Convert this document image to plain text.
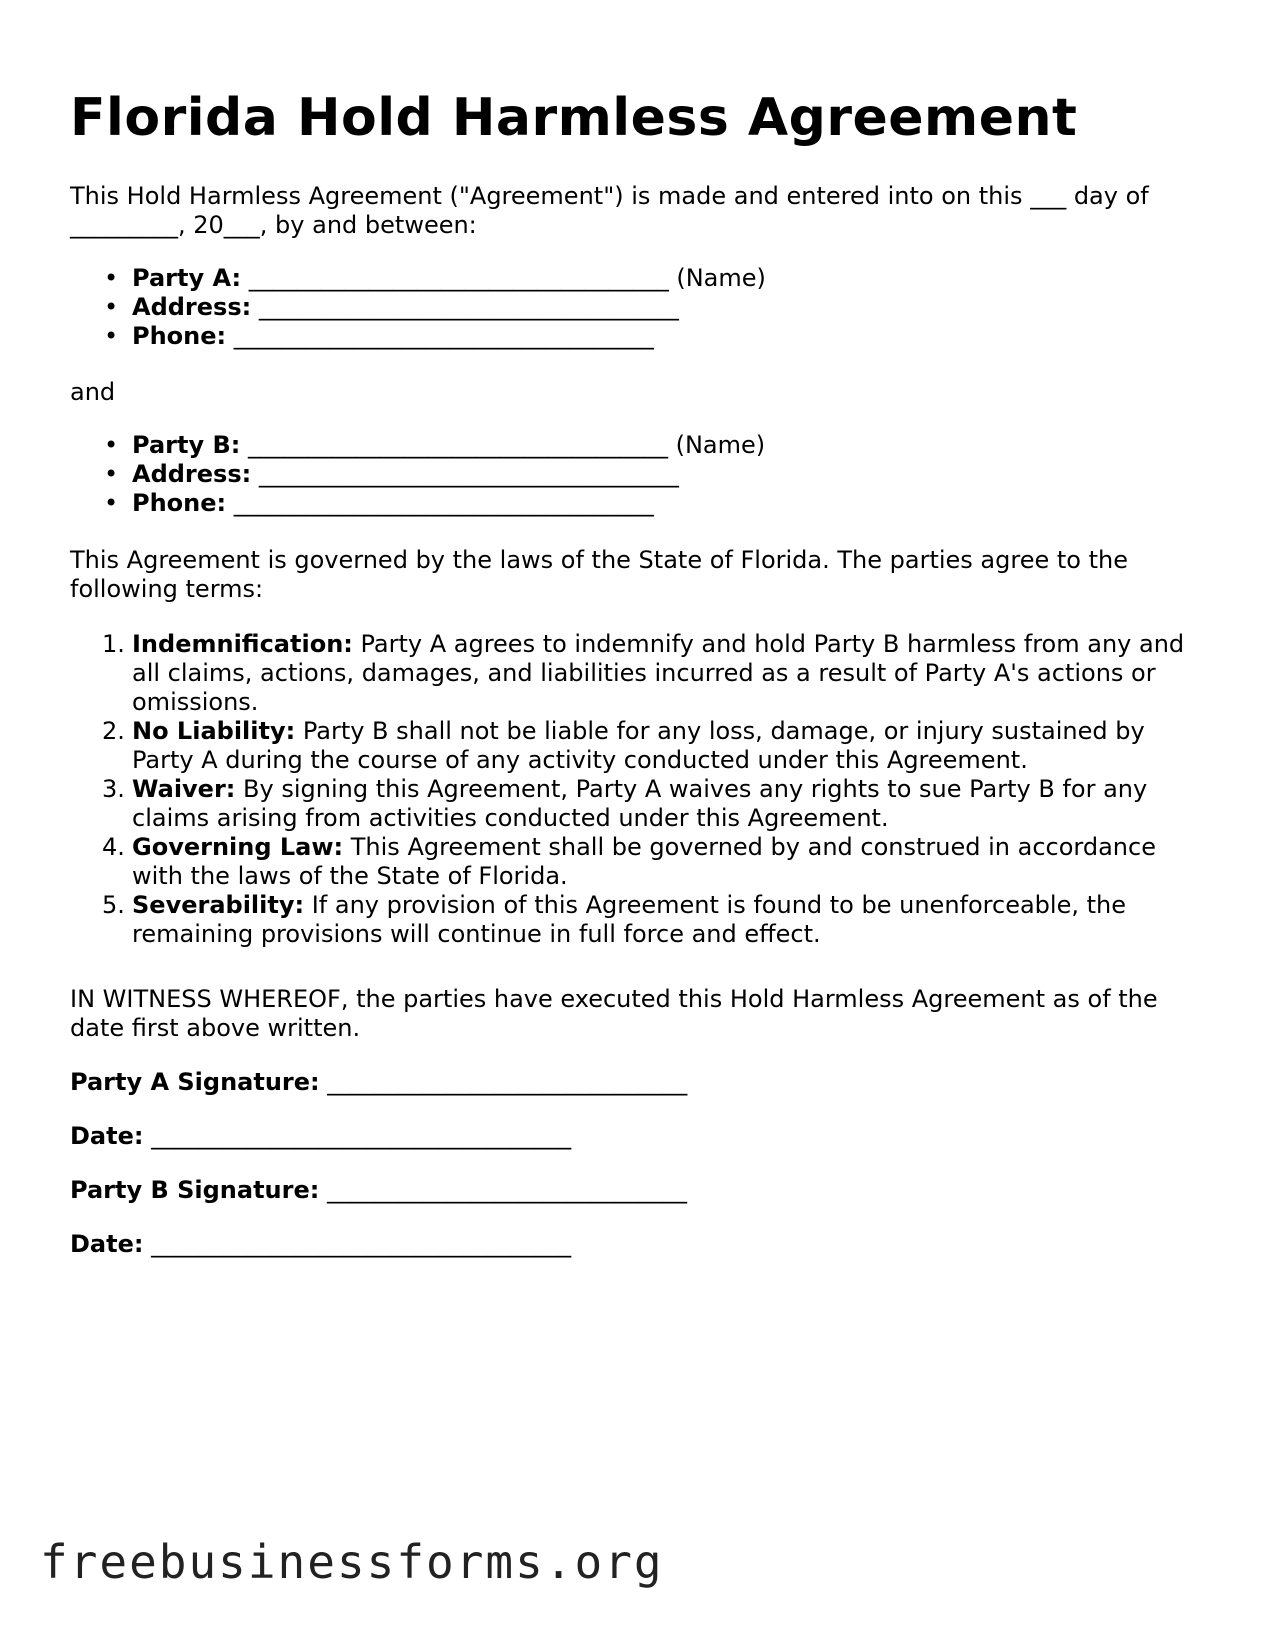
Florida Hold Harmless Agreement

This Hold Harmless Agreement ("Agreement") is made and entered into on this ___ day of _________, 20___, by and between:

• Party A: ___________________________________ (Name)
• Address: ___________________________________
• Phone: ___________________________________
and
• Party B: ___________________________________ (Name)
• Address: ___________________________________
• Phone: ___________________________________

This Agreement is governed by the laws of the State of Florida. The parties agree to the following terms:

1. Indemnification: Party A agrees to indemnify and hold Party B harmless from any and all claims, actions, damages, and liabilities incurred as a result of Party A's actions or omissions.
2. No Liability: Party B shall not be liable for any loss, damage, or injury sustained by Party A during the course of any activity conducted under this Agreement.
3. Waiver: By signing this Agreement, Party A waives any rights to sue Party B for any claims arising from activities conducted under this Agreement.
4. Governing Law: This Agreement shall be governed by and construed in accordance with the laws of the State of Florida.
5. Severability: If any provision of this Agreement is found to be unenforceable, the remaining provisions will continue in full force and effect.

IN WITNESS WHEREOF, the parties have executed this Hold Harmless Agreement as of the date first above written.

Party A Signature: ______________________________
Date: ___________________________________
Party B Signature: ______________________________
Date: ___________________________________
freebusinessforms.org
